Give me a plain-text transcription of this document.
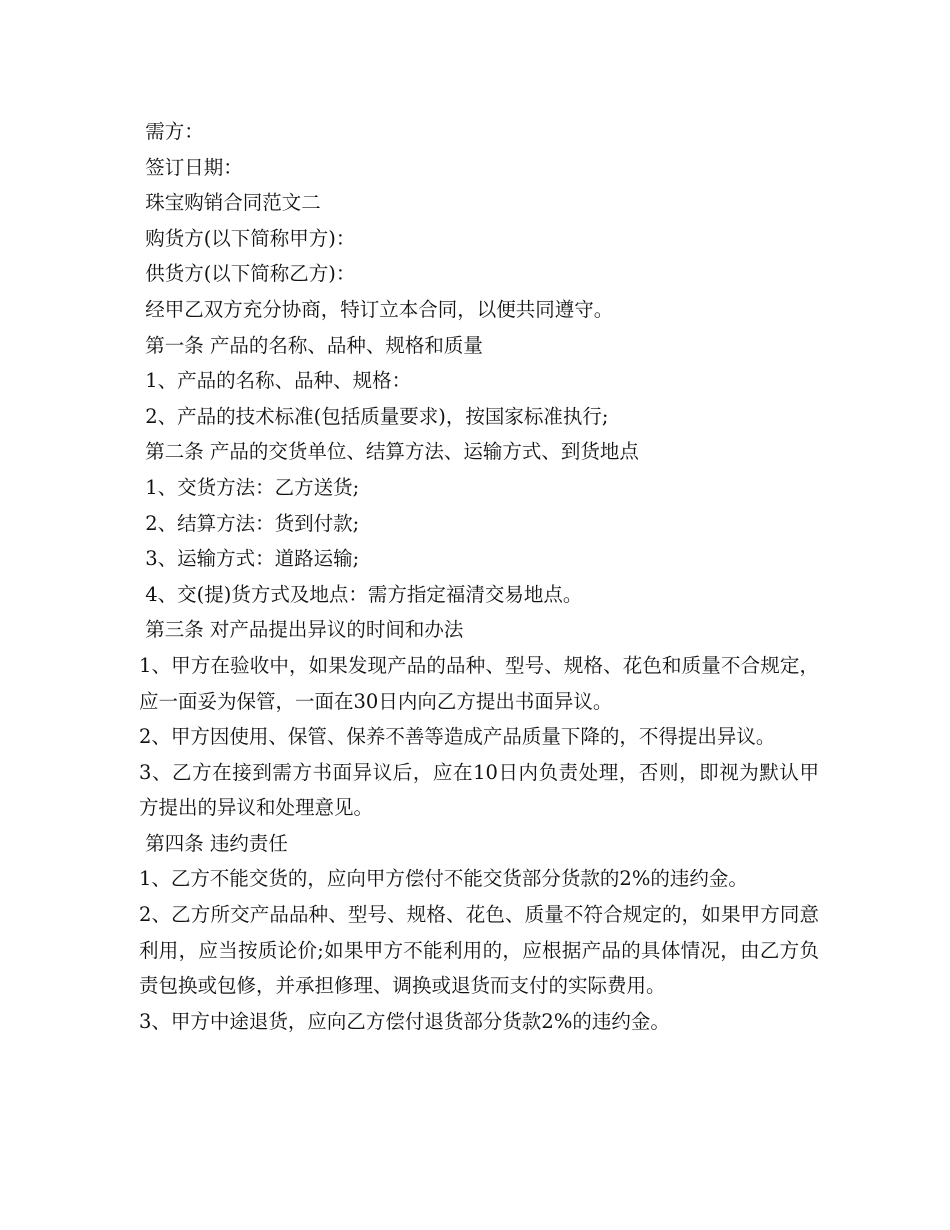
需方：
签订日期：
珠宝购销合同范文二
购货方(以下简称甲方)：
供货方(以下简称乙方)：
经甲乙双方充分协商，特订立本合同，以便共同遵守。
第一条 产品的名称、品种、规格和质量
1、产品的名称、品种、规格：
2、产品的技术标准(包括质量要求)，按国家标准执行;
第二条 产品的交货单位、结算方法、运输方式、到货地点
1、交货方法：乙方送货;
2、结算方法：货到付款;
3、运输方式：道路运输;
4、交(提)货方式及地点：需方指定福清交易地点。
第三条 对产品提出异议的时间和办法
1、甲方在验收中，如果发现产品的品种、型号、规格、花色和质量不合规定，应一面妥为保管，一面在30日内向乙方提出书面异议。
2、甲方因使用、保管、保养不善等造成产品质量下降的，不得提出异议。
3、乙方在接到需方书面异议后，应在10日内负责处理，否则，即视为默认甲方提出的异议和处理意见。
第四条 违约责任
1、乙方不能交货的，应向甲方偿付不能交货部分货款的2%的违约金。
2、乙方所交产品品种、型号、规格、花色、质量不符合规定的，如果甲方同意利用，应当按质论价;如果甲方不能利用的，应根据产品的具体情况，由乙方负责包换或包修，并承担修理、调换或退货而支付的实际费用。
3、甲方中途退货，应向乙方偿付退货部分货款2%的违约金。
